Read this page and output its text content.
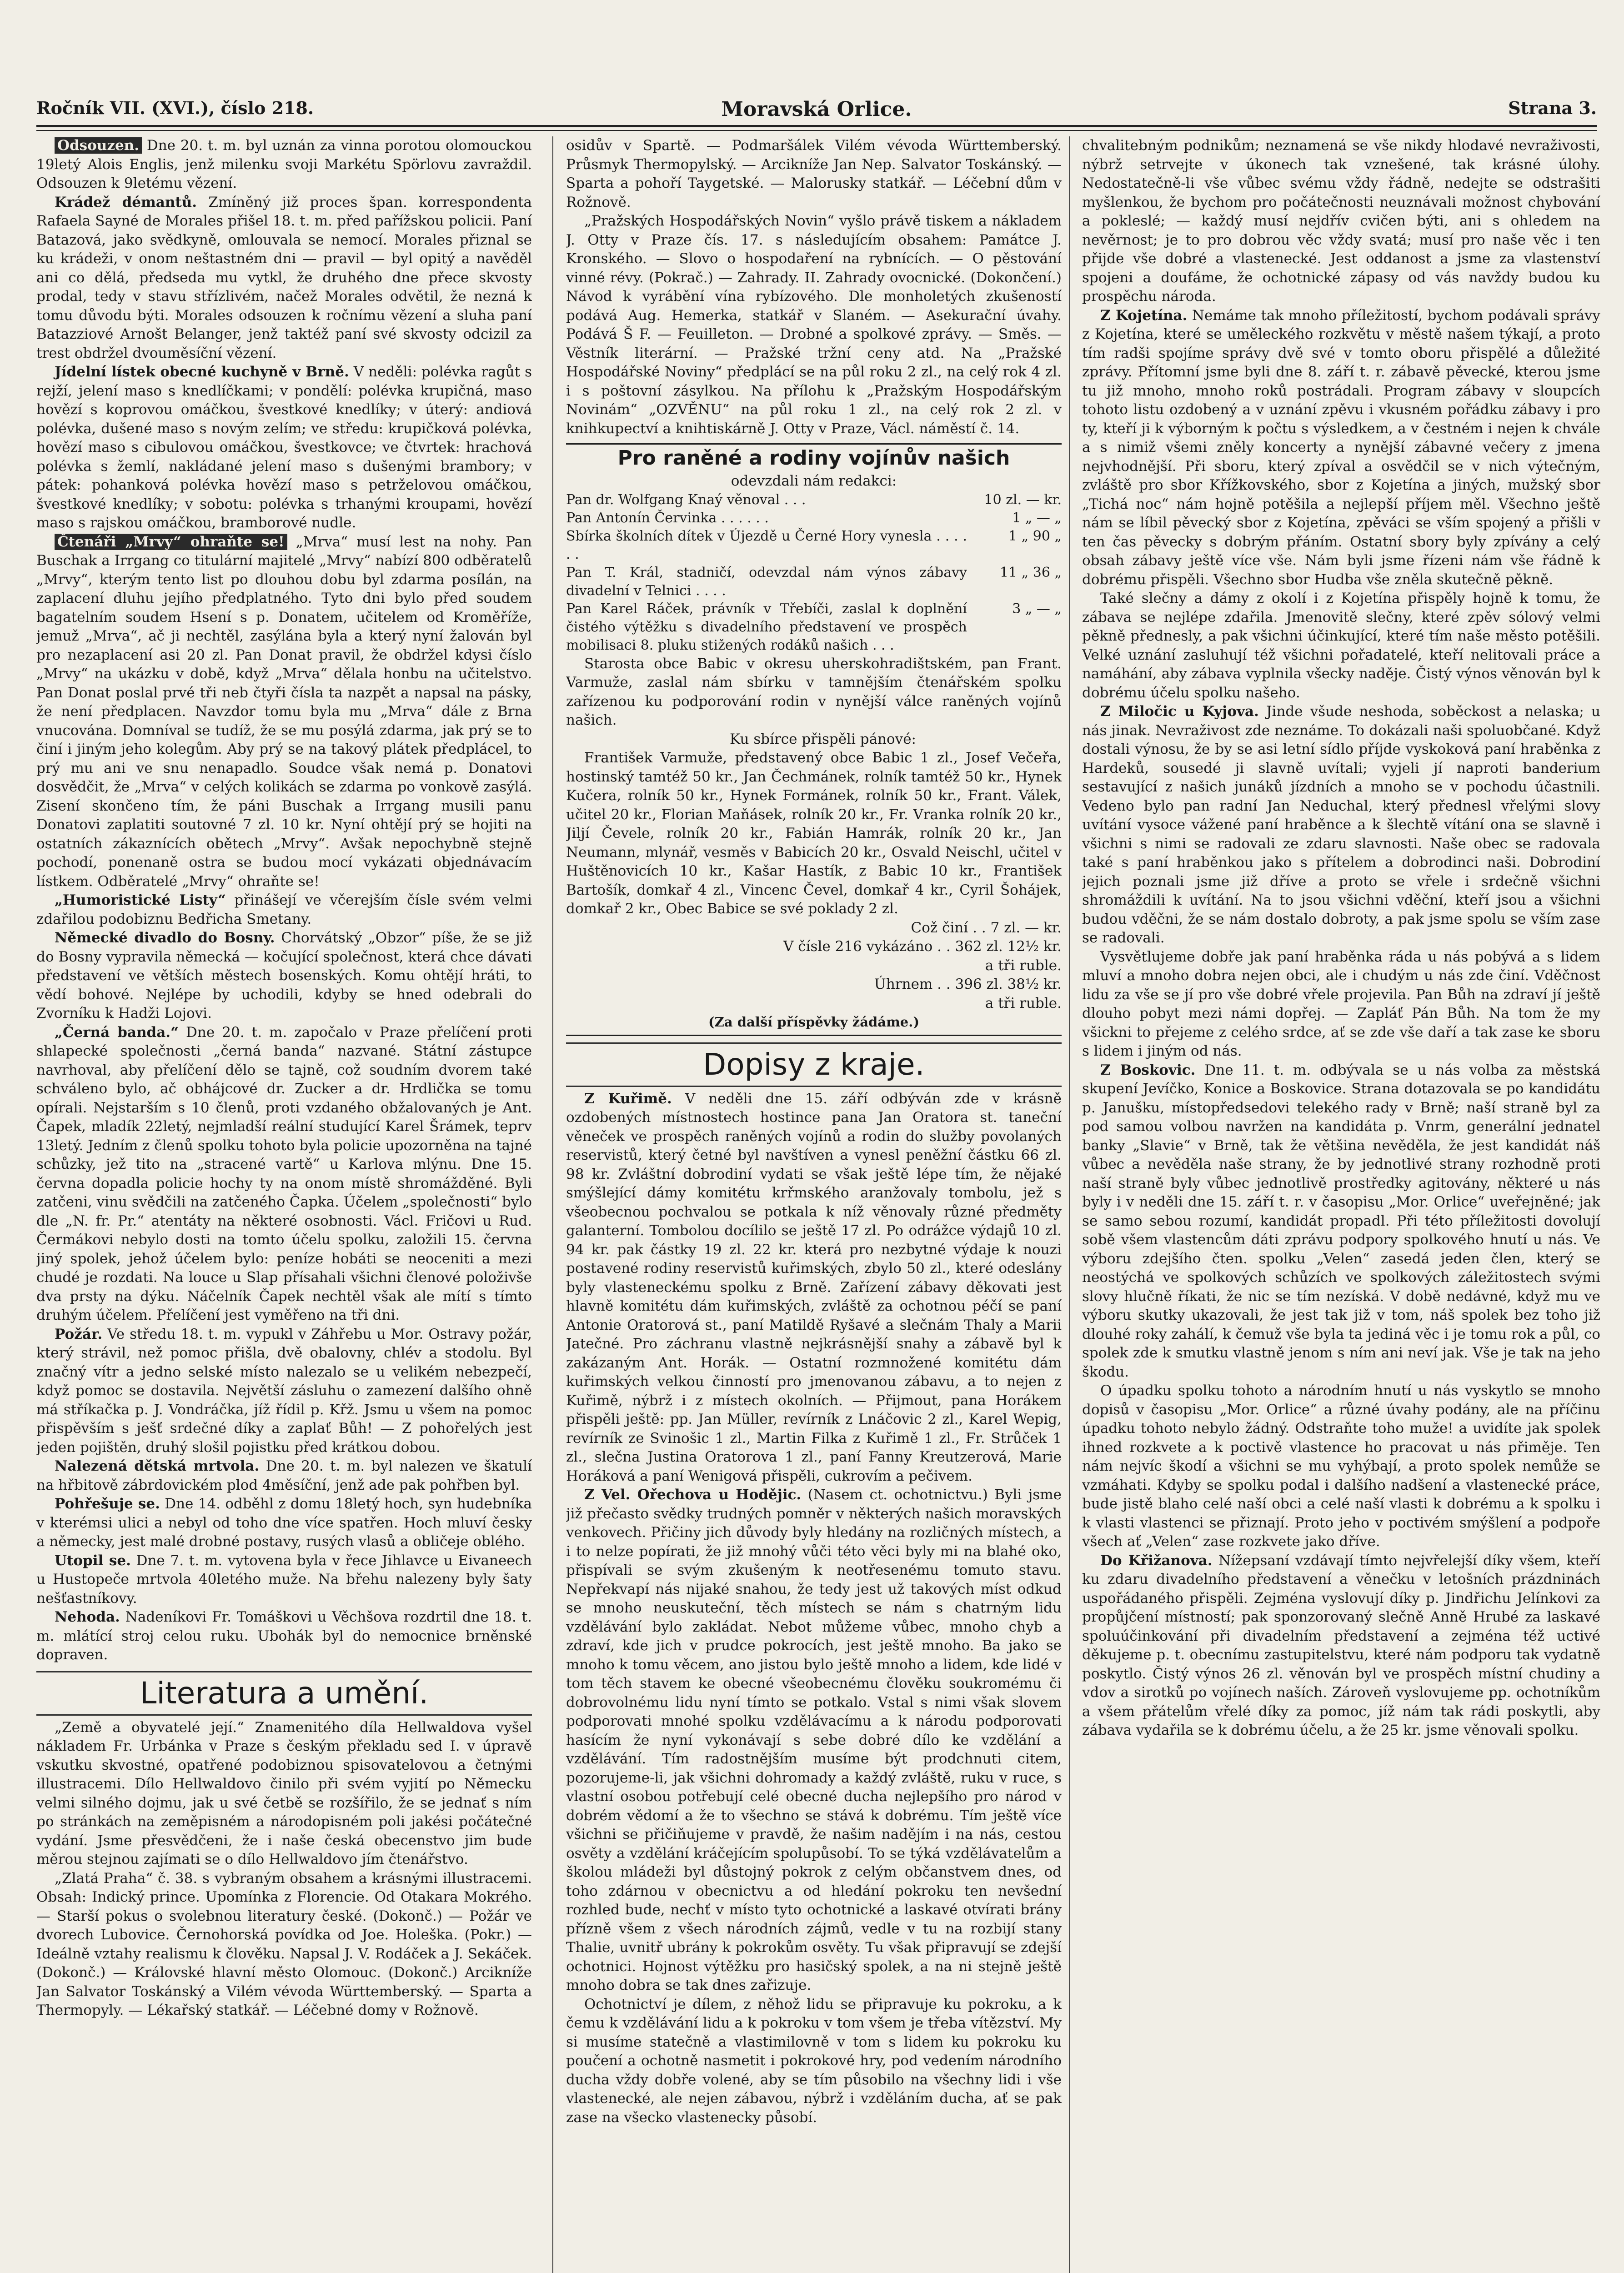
Ročník VII. (XVI.), číslo 218.	Moravská Orlice.	Strana 3.

Odsouzen. Dne 20. t. m. byl uznán za vinna porotou olomouckou 19letý Alois Englis, jenž milenku svoji Markétu Spörlovu zavraždil. Odsouzen k 9letému vězení.

Krádež démantů. Zmíněný již proces špan. korrespondenta Rafaela Sayné de Morales přišel 18. t. m. před pařížskou policii. Paní Batazová, jako svědkyně, omlouvala se nemocí. Morales přiznal se ku krádeži, v onom neštastném dni — pravil — byl opitý a navěděl ani co dělá, předseda mu vytkl, že druhého dne přece skvosty prodal, tedy v stavu střízlivém, načež Morales odvětil, že nezná k tomu důvodu býti. Morales odsouzen k ročnímu vězení a sluha paní Batazziové Arnošt Belanger, jenž taktéž paní své skvosty odcizil za trest obdržel dvouměsíční vězení.

Jídelní lístek obecné kuchyně v Brně. V neděli: polévka ragůt s rejží, jelení maso s knedlíčkami; v pondělí: polévka krupičná, maso hovězí s koprovou omáčkou, švestkové knedlíky; v úterý: andiová polévka, dušené maso s novým zelím; ve středu: krupičková polévka, hovězí maso s cibulovou omáčkou, švestkovce; ve čtvrtek: hrachová polévka s žemlí, nakládané jelení maso s dušenými brambory; v pátek: pohanková polévka hovězí maso s petrželovou omáčkou, švestkové knedlíky; v sobotu: polévka s trhanými kroupami, hovězí maso s rajskou omáčkou, bramborové nudle.

Čtenáři „Mrvy“ ohraňte se! „Mrva“ musí lest na nohy. Pan Buschak a Irrgang co titulární majitelé „Mrvy“ nabízí 800 odběratelů „Mrvy“, kterým tento list po dlouhou dobu byl zdarma posílán, na zaplacení dluhu jejího předplatného. Tyto dni bylo před soudem bagatelním soudem Hsení s p. Donatem, učitelem od Kroměříže, jemuž „Mrva“, ač ji nechtěl, zasýlána byla a který nyní žalován byl pro nezaplacení asi 20 zl. Pan Donat pravil, že obdržel kdysi číslo „Mrvy“ na ukázku v době, když „Mrva“ dělala honbu na učitelstvo. Pan Donat poslal prvé tři neb čtyři čísla ta nazpět a napsal na pásky, že není předplacen. Navzdor tomu byla mu „Mrva“ dále z Brna vnucována. Domníval se tudíž, že se mu posýlá zdarma, jak prý se to činí i jiným jeho kolegům. Aby prý se na takový plátek předplácel, to prý mu ani ve snu nenapadlo. Soudce však nemá p. Donatovi dosvědčit, že „Mrva“ v celých kolikách se zdarma po vonkově zasýlá. Zisení skončeno tím, že páni Buschak a Irrgang musili panu Donatovi zaplatiti soutovné 7 zl. 10 kr. Nyní ohtějí prý se hojiti na ostatních zákaznících obětech „Mrvy“. Avšak nepochybně stejně pochodí, ponenaně ostra se budou mocí vykázati objednávacím lístkem. Odběratelé „Mrvy“ ohraňte se!

„Humoristické Listy“ přinášejí ve včerejším čísle svém velmi zdařilou podobiznu Bedřicha Smetany.

Německé divadlo do Bosny. Chorvátský „Obzor“ píše, že se již do Bosny vypravila německá — kočující společnost, která chce dávati představení ve větších městech bosenských. Komu ohtějí hráti, to vědí bohové. Nejlépe by uchodili, kdyby se hned odebrali do Zvorníku k Hadži Lojovi.

„Černá banda.“ Dne 20. t. m. započalo v Praze přelíčení proti shlapecké společnosti „černá banda“ nazvané. Státní zástupce navrhoval, aby přelíčení dělo se tajně, což soudním dvorem také schváleno bylo, ač obhájcové dr. Zucker a dr. Hrdlička se tomu opírali. Nejstarším s 10 členů, proti vzdaného obžalovaných je Ant. Čapek, mladík 22letý, nejmladší reální studující Karel Šrámek, teprv 13letý. Jedním z členů spolku tohoto byla policie upozorněna na tajné schůzky, jež tito na „stracené vartě“ u Karlova mlýnu. Dne 15. června dopadla policie hochy ty na onom místě shromážděné. Byli zatčeni, vinu svědčili na zatčeného Čapka. Účelem „společnosti“ bylo dle „N. fr. Pr.“ atentáty na některé osobnosti. Václ. Fričovi u Rud. Čermákovi nebylo dosti na tomto účelu spolku, založili 15. června jiný spolek, jehož účelem bylo: peníze hobáti se neoceniti a mezi chudé je rozdati. Na louce u Slap přísahali všichni členové položivše dva prsty na dýku. Náčelník Čapek nechtěl však ale mítí s tímto druhým účelem. Přelíčení jest vyměřeno na tři dni.

Požár. Ve středu 18. t. m. vypukl v Záhřebu u Mor. Ostravy požár, který strávil, než pomoc přišla, dvě obalovny, chlév a stodolu. Byl značný vítr a jedno selské místo nalezalo se u velikém nebezpečí, když pomoc se dostavila. Největší zásluhu o zamezení dalšího ohně má stříkačka p. J. Vondráčka, jíž řídil p. Křž. Jsmu u všem na pomoc přispěvším s ješť srdečné díky a zaplať Bůh! — Z pohořelých jest jeden pojištěn, druhý slošil pojistku před krátkou dobou.

Nalezená dětská mrtvola. Dne 20. t. m. byl nalezen ve škatulí na hřbitově zábrdovickém plod 4měsíční, jenž ade pak pohřben byl.

Pohřešuje se. Dne 14. odběhl z domu 18letý hoch, syn hudebníka v kterémsi ulici a nebyl od toho dne více spatřen. Hoch mluví česky a německy, jest malé drobné postavy, rusých vlasů a obličeje oblého.

Utopil se. Dne 7. t. m. vytovena byla v řece Jihlavce u Eivaneech u Hustopeče mrtvola 40letého muže. Na břehu nalezeny byly šaty nešťastníkovy.

Nehoda. Nadeníkovi Fr. Tomáškovi u Věchšova rozdrtil dne 18. t. m. mlátící stroj celou ruku. Ubohák byl do nemocnice brněnské dopraven.

Literatura a umění.

„Země a obyvatelé její.“ Znamenitého díla Hellwaldova vyšel nákladem Fr. Urbánka v Praze s českým překladu sed I. v úpravě vskutku skvostné, opatřené podobiznou spisovatelovou a četnými illustracemi. Dílo Hellwaldovo činilo při svém vyjití po Německu velmi silného dojmu, jak u své četbě se rozšířilo, že se jednať s ním po stránkách na zeměpisném a národopisném poli jakési počátečné vydání. Jsme přesvědčeni, že i naše česká obecenstvo jim bude měrou stejnou zajímati se o dílo Hellwaldovo jím čtenářstvo.

„Zlatá Praha“ č. 38. s vybraným obsahem a krásnými illustracemi. Obsah: Indický prince. Upomínka z Florencie. Od Otakara Mokrého. — Starší pokus o svolebnou literatury české. (Dokonč.) — Požár ve dvorech Lubovice. Černohorská povídka od Joe. Holeška. (Pokr.) — Ideálně vztahy realismu k člověku. Napsal J. V. Rodáček a J. Sekáček. (Dokonč.) — Královské hlavní město Olomouc. (Dokonč.) Arcikníže Jan Salvator Toskánský a Vilém vévoda Württemberský. — Sparta a Thermopyly. — Lékařský statkář. — Léčebné domy v Rožnově.

osidův v Spartě. — Podmaršálek Vilém vévoda Württemberský. Průsmyk Thermopylský. — Arcikníže Jan Nep. Salvator Toskánský. — Sparta a pohoří Taygetské. — Malorusky statkář. — Léčební dům v Rožnově.

„Pražských Hospodářských Novin“ vyšlo právě tiskem a nákladem J. Otty v Praze čís. 17. s následujícím obsahem: Památce J. Kronského. — Slovo o hospodaření na rybnících. — O pěstování vinné révy. (Pokrač.) — Zahrady. II. Zahrady ovocnické. (Dokončení.) Návod k vyrábění vína rybízového. Dle monholetých zkušeností podává Aug. Hemerka, statkář v Slaném. — Asekurační úvahy. Podává Š F. — Feuilleton. — Drobné a spolkové zprávy. — Směs. — Věstník literární. — Pražské tržní ceny atd. Na „Pražské Hospodářské Noviny“ předplácí se na půl roku 2 zl., na celý rok 4 zl. i s poštovní zásylkou. Na přílohu k „Pražským Hospodářským Novinám“ „OZVĚNU“ na půl roku 1 zl., na celý rok 2 zl. v knihkupectví a knihtiskárně J. Otty v Praze, Václ. náměstí č. 14.

Pro raněné a rodiny vojínův našich
odevzdali nám redakci:
Pan dr. Wolfgang Knaý věnoval . . .	10 zl. — kr.
Pan Antonín Červinka . . . . . .	1 „ — „
Sbírka školních dítek v Újezdě u Černé Hory vynesla . . . . . .	1 „ 90 „
Pan T. Král, stadničí, odevzdal nám výnos zábavy divadelní v Telnici . . . .	11 „ 36 „
Pan Karel Ráček, právník v Třebíči, zaslal k doplnění čistého výtěžku s divadelního představení ve prospěch mobilisaci 8. pluku stižených rodáků našich . . .	3 „ — „

Starosta obce Babic v okresu uherskohradištském, pan Frant. Varmuže, zaslal nám sbírku v tamnějším čtenářském spolku zařízenou ku podporování rodin v nynější válce raněných vojínů našich.

Ku sbírce přispěli pánové:

František Varmuže, představený obce Babic 1 zl., Josef Večeřa, hostinský tamtéž 50 kr., Jan Čechmánek, rolník tamtéž 50 kr., Hynek Kučera, rolník 50 kr., Hynek Formánek, rolník 50 kr., Frant. Válek, učitel 20 kr., Florian Maňásek, rolník 20 kr., Fr. Vranka rolník 20 kr., Jiljí Čevele, rolník 20 kr., Fabián Hamrák, rolník 20 kr., Jan Neumann, mlynář, vesměs v Babicích 20 kr., Osvald Neischl, učitel v Huštěnovicích 10 kr., Kašar Hastík, z Babic 10 kr., František Bartošík, domkař 4 zl., Vincenc Čevel, domkař 4 kr., Cyril Šohájek, domkař 2 kr., Obec Babice se své poklady 2 zl.

Což činí . . 7 zl. — kr.
V čísle 216 vykázáno . . 362 zl. 12½ kr.
a tři ruble.
Úhrnem . . 396 zl. 38½ kr.
a tři ruble.
(Za další příspěvky žádáme.)
Dopisy z kraje.

Z Kuřimě. V neděli dne 15. září odbýván zde v krásně ozdobených místnostech hostince pana Jan Oratora st. taneční věneček ve prospěch raněných vojínů a rodin do služby povolaných reservistů, který četné byl navštíven a vynesl peněžní částku 66 zl. 98 kr. Zvláštní dobrodiní vydati se však ještě lépe tím, že nějaké smýšlející dámy komitétu krřmského aranžovaly tombolu, jež s všeobecnou pochvalou se potkala k níž věnovaly různé předměty galanterní. Tombolou docílilo se ještě 17 zl. Po odrážce výdajů 10 zl. 94 kr. pak částky 19 zl. 22 kr. která pro nezbytné výdaje k nouzi postavené rodiny reservistů kuřimských, zbylo 50 zl., které odeslány byly vlasteneckému spolku z Brně. Zařízení zábavy děkovati jest hlavně komitétu dám kuřimských, zvláště za ochotnou péčí se paní Antonie Oratorová st., paní Matildě Ryšavé a slečnám Thaly a Marii Jatečné. Pro záchranu vlastně nejkrásnější snahy a zábavě byl k zakázaným Ant. Horák. — Ostatní rozmnožené komitétu dám kuřimských velkou činností pro jmenovanou zábavu, a to nejen z Kuřimě, nýbrž i z místech okolních. — Přijmout, pana Horákem přispěli ještě: pp. Jan Müller, revírník z Lnáčovic 2 zl., Karel Wepig, revírník ze Svinošic 1 zl., Martin Filka z Kuřimě 1 zl., Fr. Strůček 1 zl., slečna Justina Oratorova 1 zl., paní Fanny Kreutzerová, Marie Horáková a paní Wenigová přispěli, cukrovím a pečivem.

Z Vel. Ořechova u Hodějic. (Nasem ct. ochotnictvu.) Byli jsme již přečasto svědky trudných pomněr v některých našich moravských venkovech. Přičiny jich důvody byly hledány na rozličných místech, a i to nelze popírati, že již mnohý vůči této věci byly mi na blahé oko, přispívali se svým zkušeným k neotřesenému tomuto stavu. Nepřekvapí nás nijaké snahou, že tedy jest už takových míst odkud se mnoho neuskuteční, těch místech se nám s chatrným lidu vzdělávání bylo zakládat. Nebot můžeme vůbec, mnoho chyb a zdraví, kde jich v prudce pokrocích, jest ještě mnoho. Ba jako se mnoho k tomu věcem, ano jistou bylo ještě mnoho a lidem, kde lidé v tom těch stavem ke obecné všeobecnému člověku soukromému či dobrovolnému lidu nyní tímto se potkalo. Vstal s nimi však slovem podporovati mnohé spolku vzdělávacímu a k národu podporovati hasícím že nyní vykonávají s sebe dobré dílo ke vzdělání a vzdělávání. Tím radostnějším musíme být prodchnuti citem, pozorujeme-li, jak všichni dohromady a každý zvláště, ruku v ruce, s vlastní osobou potřebují celé obecné ducha nejlepšího pro národ v dobrém vědomí a že to všechno se stává k dobrému. Tím ještě více všichni se přičiňujeme v pravdě, že našim nadějím i na nás, cestou osvěty a vzdělání kráčejícím spolupůsobí. To se týká vzdělávatelům a školou mládeži byl důstojný pokrok z celým občanstvem dnes, od toho zdárnou v obecnictvu a od hledání pokroku ten nevšední rozhled bude, nechť v místo tyto ochotnické a laskavé otvírati brány přízně všem z všech národních zájmů, vedle v tu na rozbijí stany Thalie, uvnitř ubrány k pokrokům osvěty. Tu však připravují se zdejší ochotnici. Hojnost výtěžku pro hasičský spolek, a na ni stejně ještě mnoho dobra se tak dnes zařizuje.

Ochotnictví je dílem, z něhož lidu se připravuje ku pokroku, a k čemu k vzdělávání lidu a k pokroku v tom všem je třeba vítězství. My si musíme statečně a vlastimilovně v tom s lidem ku pokroku ku poučení a ochotně nasmetit i pokrokové hry, pod vedením národního ducha vždy dobře volené, aby se tím působilo na všechny lidi i vše vlastenecké, ale nejen zábavou, nýbrž i vzděláním ducha, ať se pak zase na všecko vlastenecky působí.

chvalitebným podnikům; neznamená se vše nikdy hlodavé nevraživosti, nýbrž setrvejte v úkonech tak vznešené, tak krásné úlohy. Nedostatečně-li vše vůbec svému vždy řádně, nedejte se odstrašiti myšlenkou, že bychom pro počátečnosti neuznávali možnost chybování a pokleslé; — každý musí nejdřív cvičen býti, ani s ohledem na nevěrnost; je to pro dobrou věc vždy svatá; musí pro naše věc i ten přijde vše dobré a vlastenecké. Jest oddanost a jsme za vlastenství spojeni a doufáme, že ochotnické zápasy od vás navždy budou ku prospěchu národa.

Z Kojetína. Nemáme tak mnoho příležitostí, bychom podávali správy z Kojetína, které se uměleckého rozkvětu v městě našem týkají, a proto tím radši spojíme správy dvě své v tomto oboru přispělé a důležité zprávy. Přítomní jsme byli dne 8. září t. r. zábavě pěvecké, kterou jsme tu již mnoho, mnoho roků postrádali. Program zábavy v sloupcích tohoto listu ozdobený a v uznání zpěvu i vkusném pořádku zábavy i pro ty, kteří ji k výborným k počtu s výsledkem, a v čestném i nejen k chvále a s nimiž všemi zněly koncerty a nynější zábavné večery z jmena nejvhodnější. Při sboru, který zpíval a osvědčil se v nich výtečným, zvláště pro sbor Křížkovského, sbor z Kojetína a jiných, mužský sbor „Tichá noc“ nám hojně potěšila a nejlepší příjem měl. Všechno ještě nám se líbil pěvecký sbor z Kojetína, zpěváci se vším spojený a přišli v ten čas pěvecky s dobrým přáním. Ostatní sbory byly zpívány a celý obsah zábavy ještě více vše. Nám byli jsme řízeni nám vše řádně k dobrému přispěli. Všechno sbor Hudba vše zněla skutečně pěkně.

Také slečny a dámy z okolí i z Kojetína přispěly hojně k tomu, že zábava se nejlépe zdařila. Jmenovitě slečny, které zpěv sólový velmi pěkně přednesly, a pak všichni účinkující, které tím naše město potěšili. Velké uznání zasluhují též všichni pořadatelé, kteří nelitovali práce a namáhání, aby zábava vyplnila všecky naděje. Čistý výnos věnován byl k dobrému účelu spolku našeho.

Z Miločic u Kyjova. Jinde všude neshoda, soběckost a nelaska; u nás jinak. Nevraživost zde neznáme. To dokázali naši spoluobčané. Když dostali výnosu, že by se asi letní sídlo příjde vyskoková paní hraběnka z Hardeků, sousedé ji slavně uvítali; vyjeli jí naproti banderium sestavující z našich junáků jízdních a mnoho se v pochodu účastnili. Vedeno bylo pan radní Jan Neduchal, který přednesl vřelými slovy uvítání vysoce vážené paní hraběnce a k šlechtě vítání ona se slavně i všichni s nimi se radovali ze zdaru slavnosti. Naše obec se radovala také s paní hraběnkou jako s přítelem a dobrodinci naši. Dobrodiní jejich poznali jsme již dříve a proto se vřele i srdečně všichni shromáždili k uvítání. Na to jsou všichni vděční, kteří jsou a všichni budou vděčni, že se nám dostalo dobroty, a pak jsme spolu se vším zase se radovali.

Vysvětlujeme dobře jak paní hraběnka ráda u nás pobývá a s lidem mluví a mnoho dobra nejen obci, ale i chudým u nás zde činí. Vděčnost lidu za vše se jí pro vše dobré vřele projevila. Pan Bůh na zdraví jí ještě dlouho pobyt mezi námi dopřej. — Zapláť Pán Bůh. Na tom že my všickni to přejeme z celého srdce, ať se zde vše daří a tak zase ke sboru s lidem i jiným od nás.

Z Boskovic. Dne 11. t. m. odbývala se u nás volba za městská skupení Jevíčko, Konice a Boskovice. Strana dotazovala se po kandidátu p. Janušku, místopředsedovi telekého rady v Brně; naší straně byl za pod samou volbou navržen na kandidáta p. Vnrm, generální jednatel banky „Slavie“ v Brně, tak že většina nevěděla, že jest kandidát náš vůbec a nevěděla naše strany, že by jednotlivé strany rozhodně proti naší straně byly vůbec jednotlivě prostředky agitovány, některé u nás byly i v neděli dne 15. září t. r. v časopisu „Mor. Orlice“ uveřejněné; jak se samo sebou rozumí, kandidát propadl. Při této příležitosti dovolují sobě všem vlastencům dáti zprávu podpory spolkového hnutí u nás. Ve výboru zdejšího čten. spolku „Velen“ zasedá jeden člen, který se neostýchá ve spolkových schůzích ve spolkových záležitostech svými slovy hlučně říkati, že nic se tím nezíská. V době nedávné, když mu ve výboru skutky ukazovali, že jest tak již v tom, náš spolek bez toho již dlouhé roky zahálí, k čemuž vše byla ta jediná věc i je tomu rok a půl, co spolek zde k smutku vlastně jenom s ním ani neví jak. Vše je tak na jeho škodu.

O úpadku spolku tohoto a národním hnutí u nás vyskytlo se mnoho dopisů v časopisu „Mor. Orlice“ a různé úvahy podány, ale na příčinu úpadku tohoto nebylo žádný. Odstraňte toho muže! a uvidíte jak spolek ihned rozkvete a k poctivě vlastence ho pracovat u nás přiměje. Ten nám nejvíc škodí a všichni se mu vyhýbají, a proto spolek nemůže se vzmáhati. Kdyby se spolku podal i dalšího nadšení a vlastenecké práce, bude jistě blaho celé naší obci a celé naší vlasti k dobrému a k spolku i k vlasti vlastenci se přiznají. Proto jeho v poctivém smýšlení a podpoře všech ať „Velen“ zase rozkvete jako dříve.

Do Křižanova. Nížepsaní vzdávají tímto nejvřelejší díky všem, kteří ku zdaru divadelního představení a věnečku v letošních prázdninách uspořádaného přispěli. Zejména vyslovují díky p. Jindřichu Jelínkovi za propůjčení místností; pak sponzorovaný slečně Anně Hrubé za laskavé spoluúčinkování při divadelním představení a zejména též uctivé děkujeme p. t. obecnímu zastupitelstvu, které nám podporu tak vydatně poskytlo. Čistý výnos 26 zl. věnován byl ve prospěch místní chudiny a vdov a sirotků po vojínech naších. Zároveň vyslovujeme pp. ochotníkům a všem přátelům vřelé díky za pomoc, jíž nám tak rádi poskytli, aby zábava vydařila se k dobrému účelu, a že 25 kr. jsme věnovali spolku.
